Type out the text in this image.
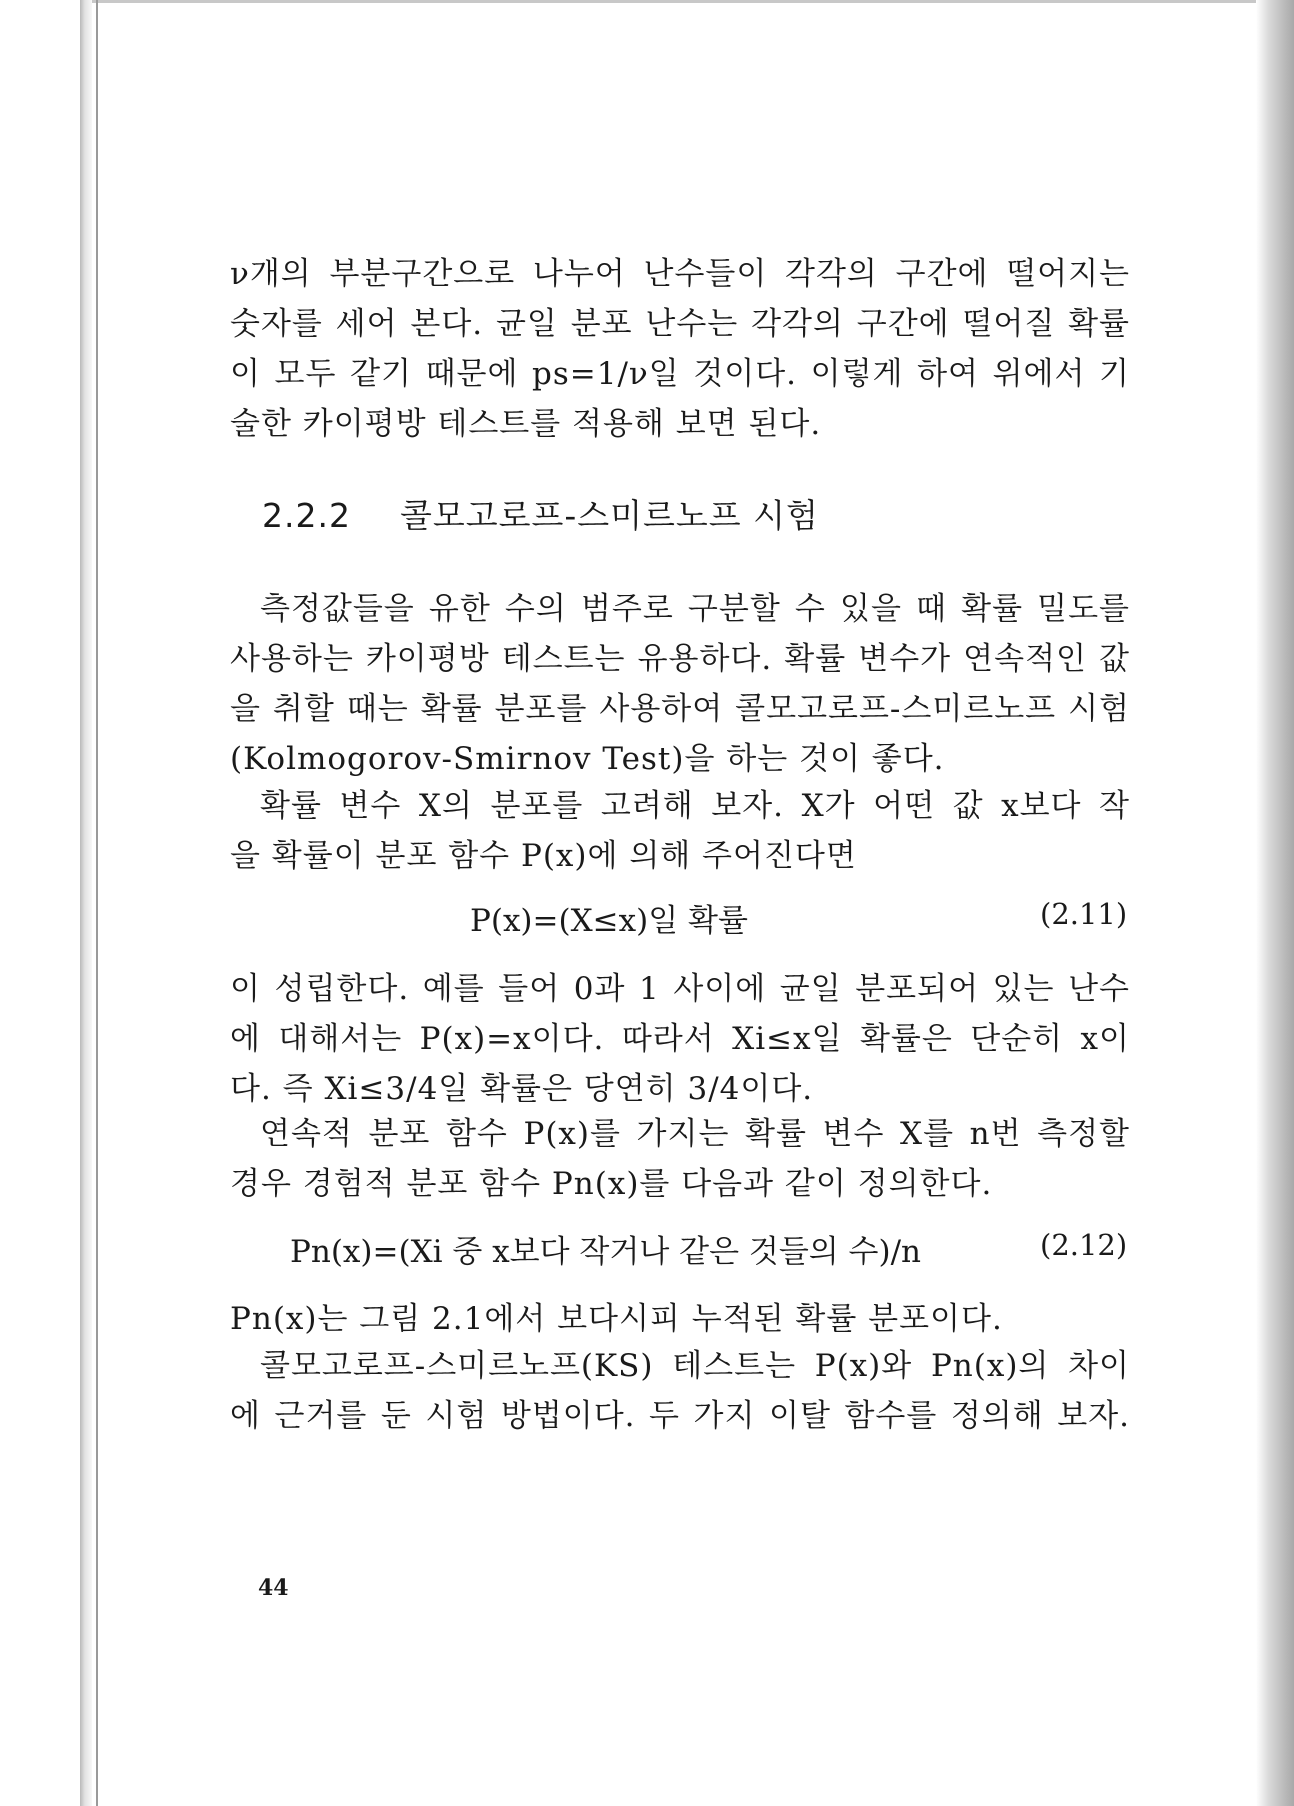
ν개의 부분구간으로 나누어 난수들이 각각의 구간에 떨어지는
숫자를 세어 본다. 균일 분포 난수는 각각의 구간에 떨어질 확률
이 모두 같기 때문에 ps=1/ν일 것이다. 이렇게 하여 위에서 기
술한 카이평방 테스트를 적용해 보면 된다.
2.2.2 콜모고로프-스미르노프 시험
측정값들을 유한 수의 범주로 구분할 수 있을 때 확률 밀도를
사용하는 카이평방 테스트는 유용하다. 확률 변수가 연속적인 값
을 취할 때는 확률 분포를 사용하여 콜모고로프-스미르노프 시험
(Kolmogorov-Smirnov Test)을 하는 것이 좋다.
확률 변수 X의 분포를 고려해 보자. X가 어떤 값 x보다 작
을 확률이 분포 함수 P(x)에 의해 주어진다면
P(x)=(X≤x)일 확률	(2.11)
이 성립한다. 예를 들어 0과 1 사이에 균일 분포되어 있는 난수
에 대해서는 P(x)=x이다. 따라서 Xi≤x일 확률은 단순히 x이
다. 즉 Xi≤3/4일 확률은 당연히 3/4이다.
연속적 분포 함수 P(x)를 가지는 확률 변수 X를 n번 측정할
경우 경험적 분포 함수 Pn(x)를 다음과 같이 정의한다.
Pn(x)=(Xi 중 x보다 작거나 같은 것들의 수)/n	(2.12)
Pn(x)는 그림 2.1에서 보다시피 누적된 확률 분포이다.
콜모고로프-스미르노프(KS) 테스트는 P(x)와 Pn(x)의 차이
에 근거를 둔 시험 방법이다. 두 가지 이탈 함수를 정의해 보자.
44
